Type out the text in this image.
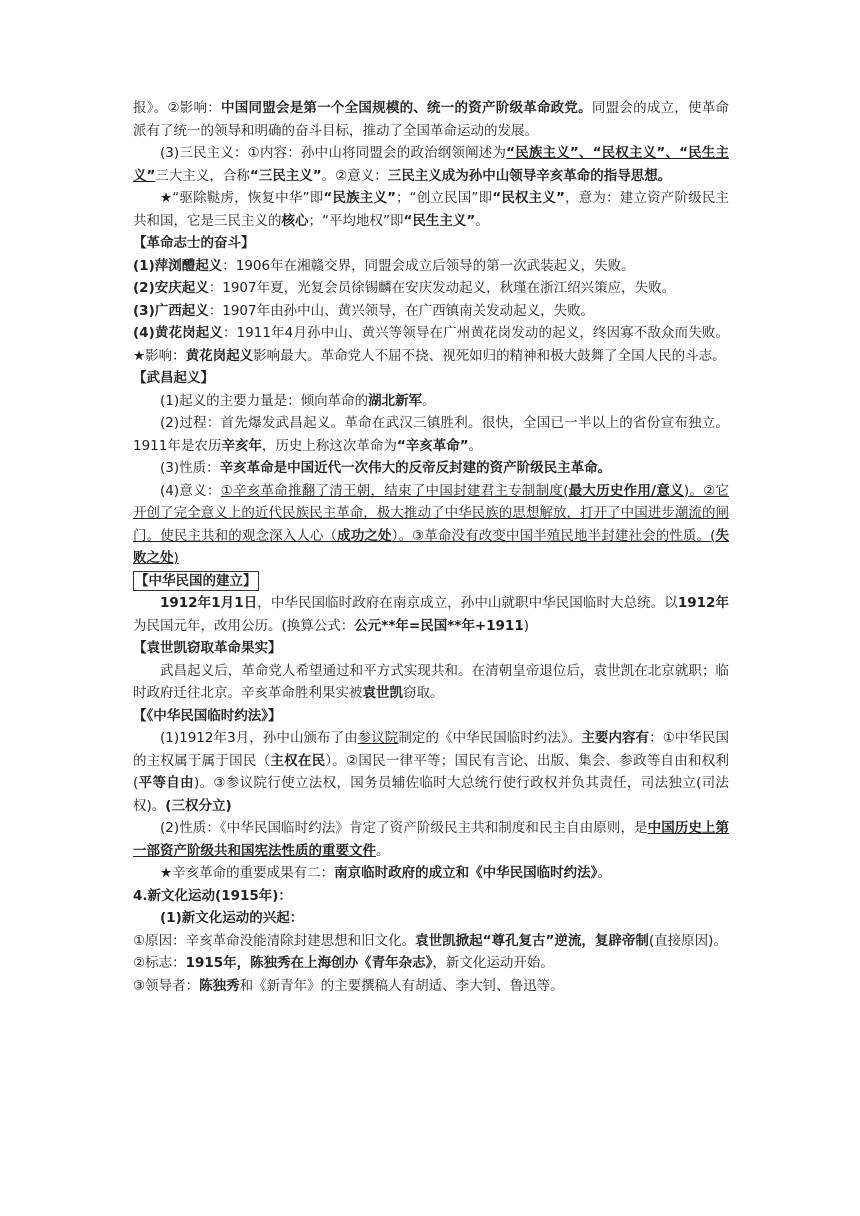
报》。②影响：中国同盟会是第一个全国规模的、统一的资产阶级革命政党。同盟会的成立，使革命派有了统一的领导和明确的奋斗目标，推动了全国革命运动的发展。

(3)三民主义：①内容：孙中山将同盟会的政治纲领阐述为“民族主义”、“民权主义”、“民生主义”三大主义，合称“三民主义”。②意义：三民主义成为孙中山领导辛亥革命的指导思想。

★“驱除鞑虏，恢复中华”即“民族主义”；“创立民国”即“民权主义”，意为：建立资产阶级民主共和国，它是三民主义的核心；“平均地权”即“民生主义”。

【革命志士的奋斗】

(1)萍浏醴起义：1906年在湘赣交界，同盟会成立后领导的第一次武装起义，失败。

(2)安庆起义：1907年夏，光复会员徐锡麟在安庆发动起义，秋瑾在浙江绍兴策应，失败。

(3)广西起义：1907年由孙中山、黄兴领导，在广西镇南关发动起义，失败。

(4)黄花岗起义：1911年4月孙中山、黄兴等领导在广州黄花岗发动的起义，终因寡不敌众而失败。★影响：黄花岗起义影响最大。革命党人不屈不挠、视死如归的精神和极大鼓舞了全国人民的斗志。

【武昌起义】

(1)起义的主要力量是：倾向革命的湖北新军。

(2)过程：首先爆发武昌起义。革命在武汉三镇胜利。很快，全国已一半以上的省份宣布独立。1911年是农历辛亥年，历史上称这次革命为“辛亥革命”。

(3)性质：辛亥革命是中国近代一次伟大的反帝反封建的资产阶级民主革命。

(4)意义：①辛亥革命推翻了清王朝，结束了中国封建君主专制制度(最大历史作用/意义)。②它开创了完全意义上的近代民族民主革命，极大推动了中华民族的思想解放，打开了中国进步潮流的闸门。使民主共和的观念深入人心（成功之处）。③革命没有改变中国半殖民地半封建社会的性质。(失败之处)

【中华民国的建立】

1912年1月1日，中华民国临时政府在南京成立，孙中山就职中华民国临时大总统。以1912年为民国元年，改用公历。(换算公式：公元**年=民国**年+1911)

【袁世凯窃取革命果实】

武昌起义后，革命党人希望通过和平方式实现共和。在清朝皇帝退位后，袁世凯在北京就职；临时政府迁往北京。辛亥革命胜利果实被袁世凯窃取。

【《中华民国临时约法》】

(1)1912年3月，孙中山颁布了由参议院制定的《中华民国临时约法》。主要内容有：①中华民国的主权属于属于国民（主权在民）。②国民一律平等；国民有言论、出版、集会、参政等自由和权利(平等自由)。③参议院行使立法权，国务员辅佐临时大总统行使行政权并负其责任，司法独立(司法权)。(三权分立)

(2)性质：《中华民国临时约法》肯定了资产阶级民主共和制度和民主自由原则，是中国历史上第一部资产阶级共和国宪法性质的重要文件。

★辛亥革命的重要成果有二：南京临时政府的成立和《中华民国临时约法》。

4.新文化运动(1915年)：

(1)新文化运动的兴起：

①原因：辛亥革命没能清除封建思想和旧文化。袁世凯掀起“尊孔复古”逆流，复辟帝制(直接原因)。

②标志：1915年，陈独秀在上海创办《青年杂志》，新文化运动开始。

③领导者：陈独秀和《新青年》的主要撰稿人有胡适、李大钊、鲁迅等。
